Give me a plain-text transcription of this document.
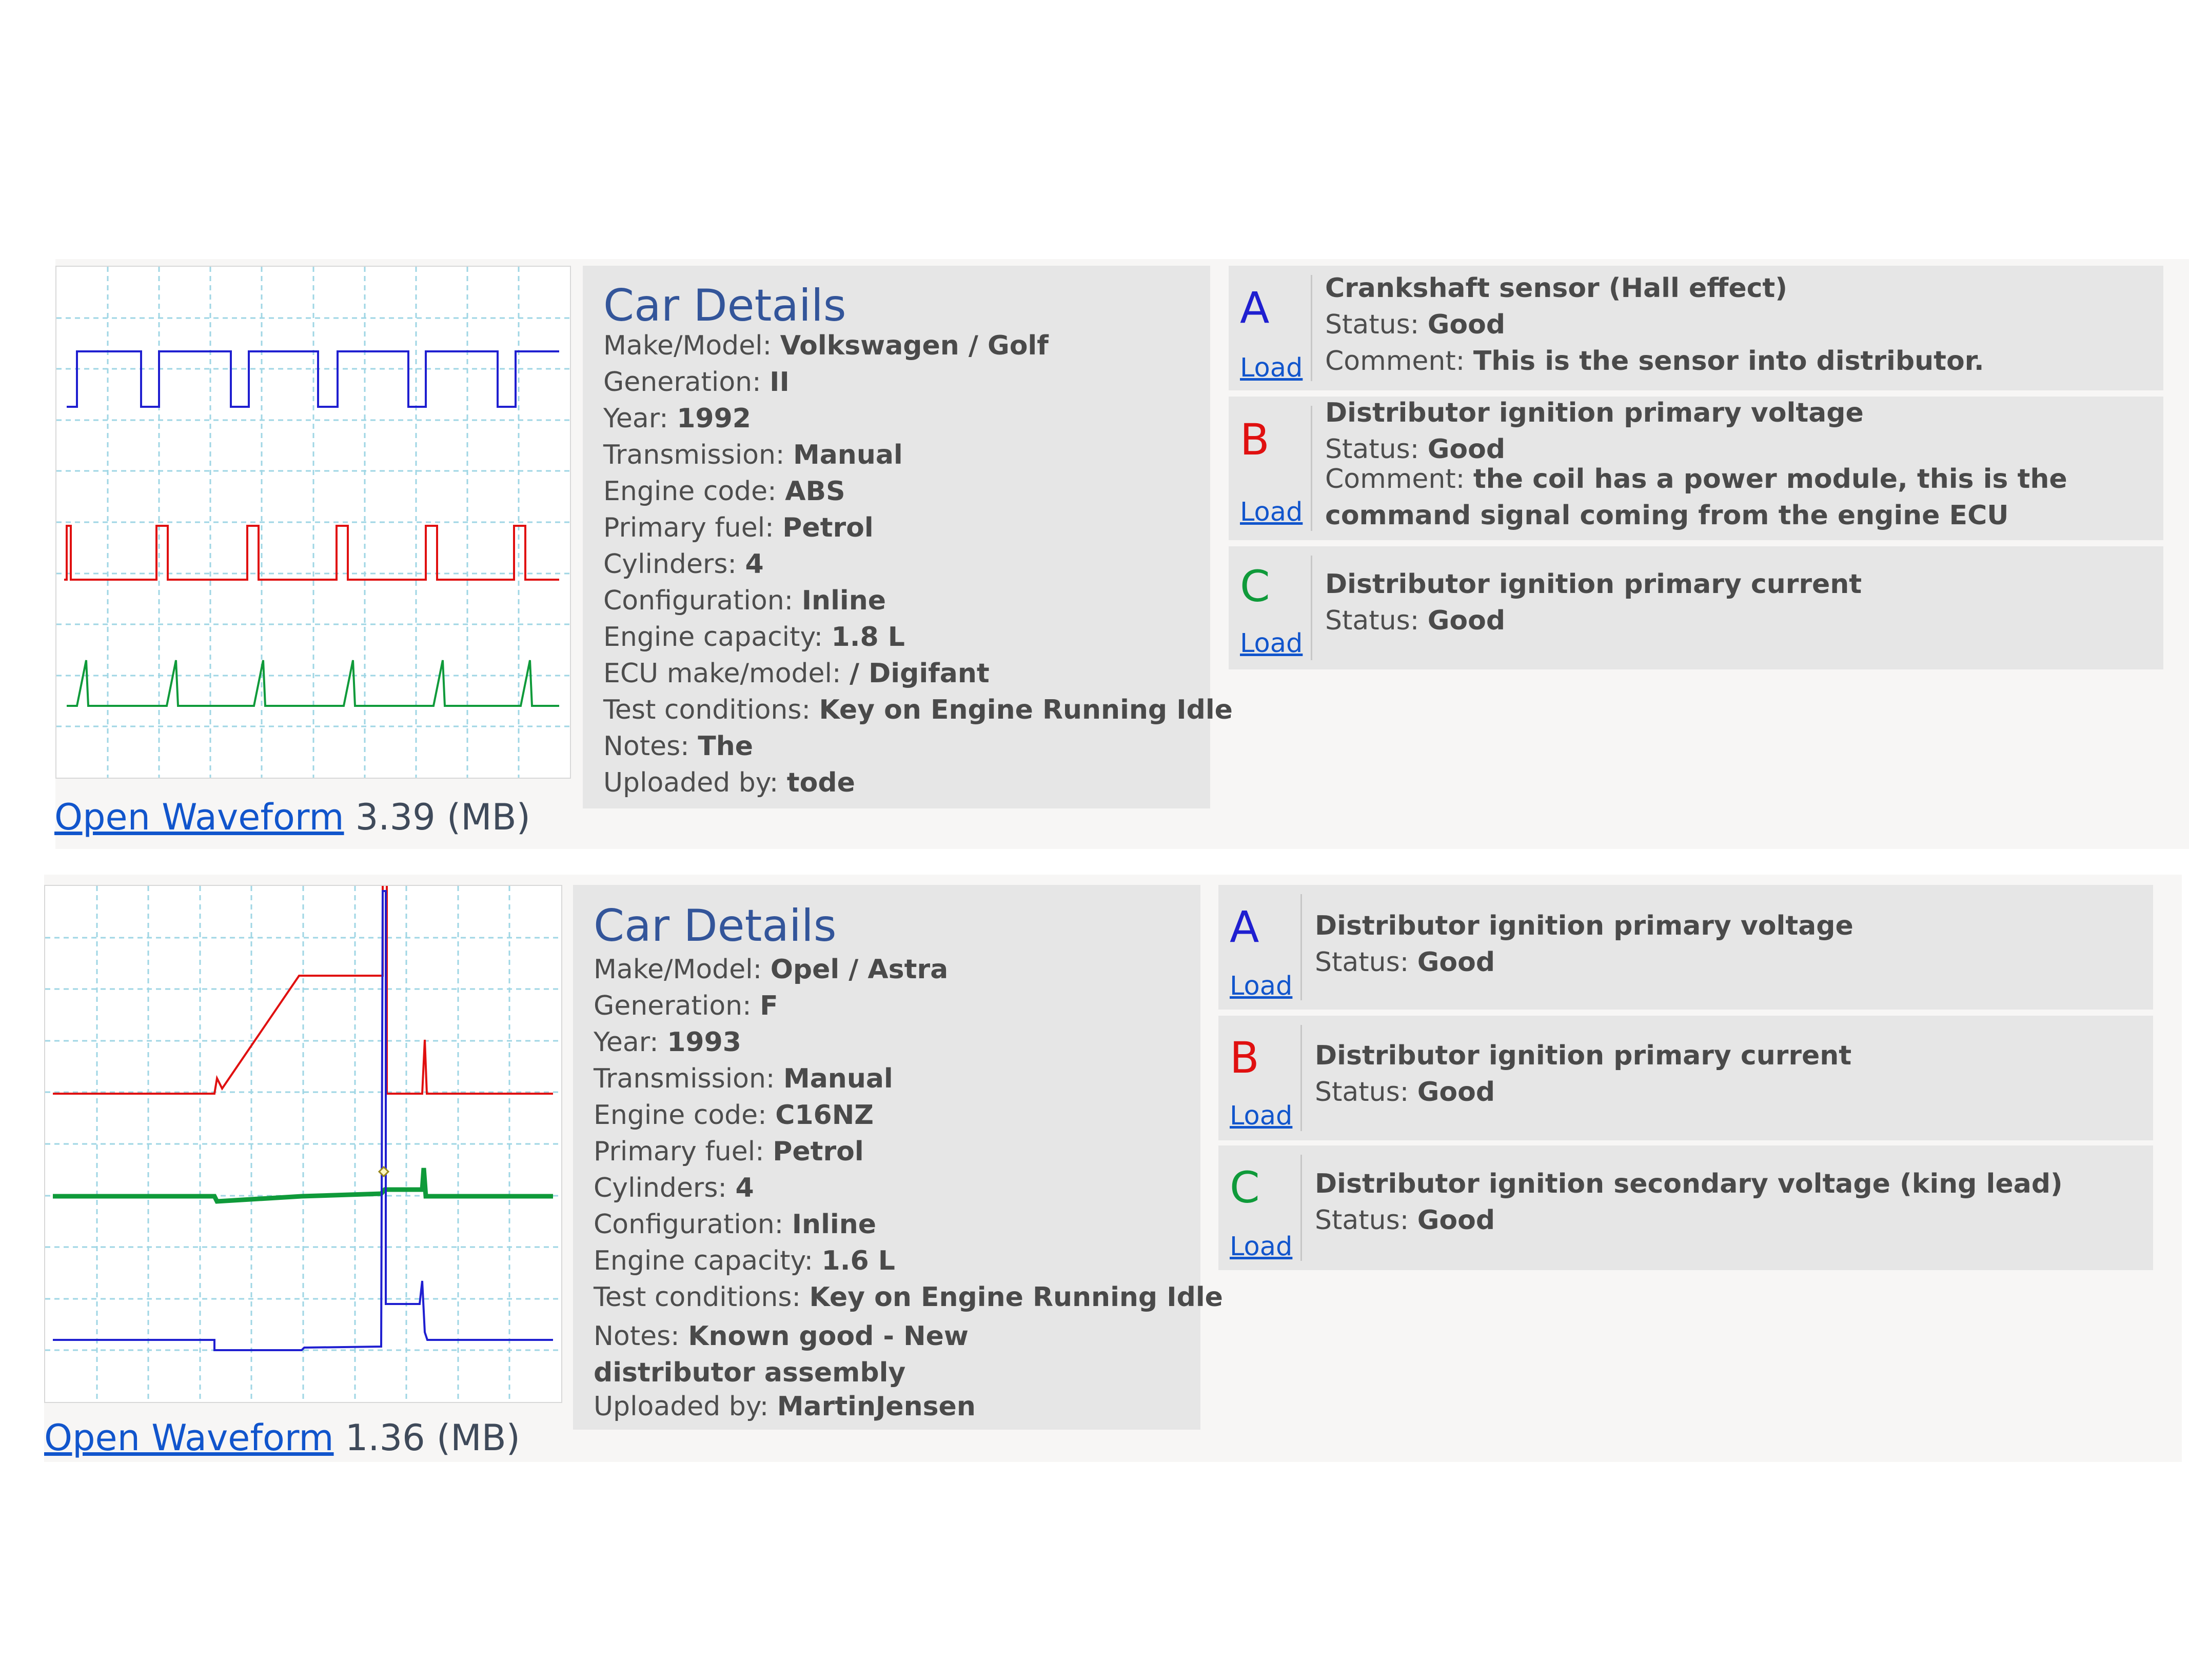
Open Waveform 3.39 (MB)
Car Details
Make/Model: Volkswagen / Golf
Generation: II
Year: 1992
Transmission: Manual
Engine code: ABS
Primary fuel: Petrol
Cylinders: 4
Configuration: Inline
Engine capacity: 1.8 L
ECU make/model: / Digifant
Test conditions: Key on Engine Running Idle
Notes: The
Uploaded by: tode
A
Load
Crankshaft sensor (Hall effect)
Status: Good
Comment: This is the sensor into distributor.
B
Load
Distributor ignition primary voltage
Status: Good
Comment: the coil has a power module, this is the command signal coming from the engine ECU
C
Load
Distributor ignition primary current
Status: Good
Open Waveform 1.36 (MB)
Car Details
Make/Model: Opel / Astra
Generation: F
Year: 1993
Transmission: Manual
Engine code: C16NZ
Primary fuel: Petrol
Cylinders: 4
Configuration: Inline
Engine capacity: 1.6 L
Test conditions: Key on Engine Running Idle
Notes: Known good - New distributor assembly
Uploaded by: MartinJensen
A
Load
Distributor ignition primary voltage
Status: Good
B
Load
Distributor ignition primary current
Status: Good
C
Load
Distributor ignition secondary voltage (king lead)
Status: Good
